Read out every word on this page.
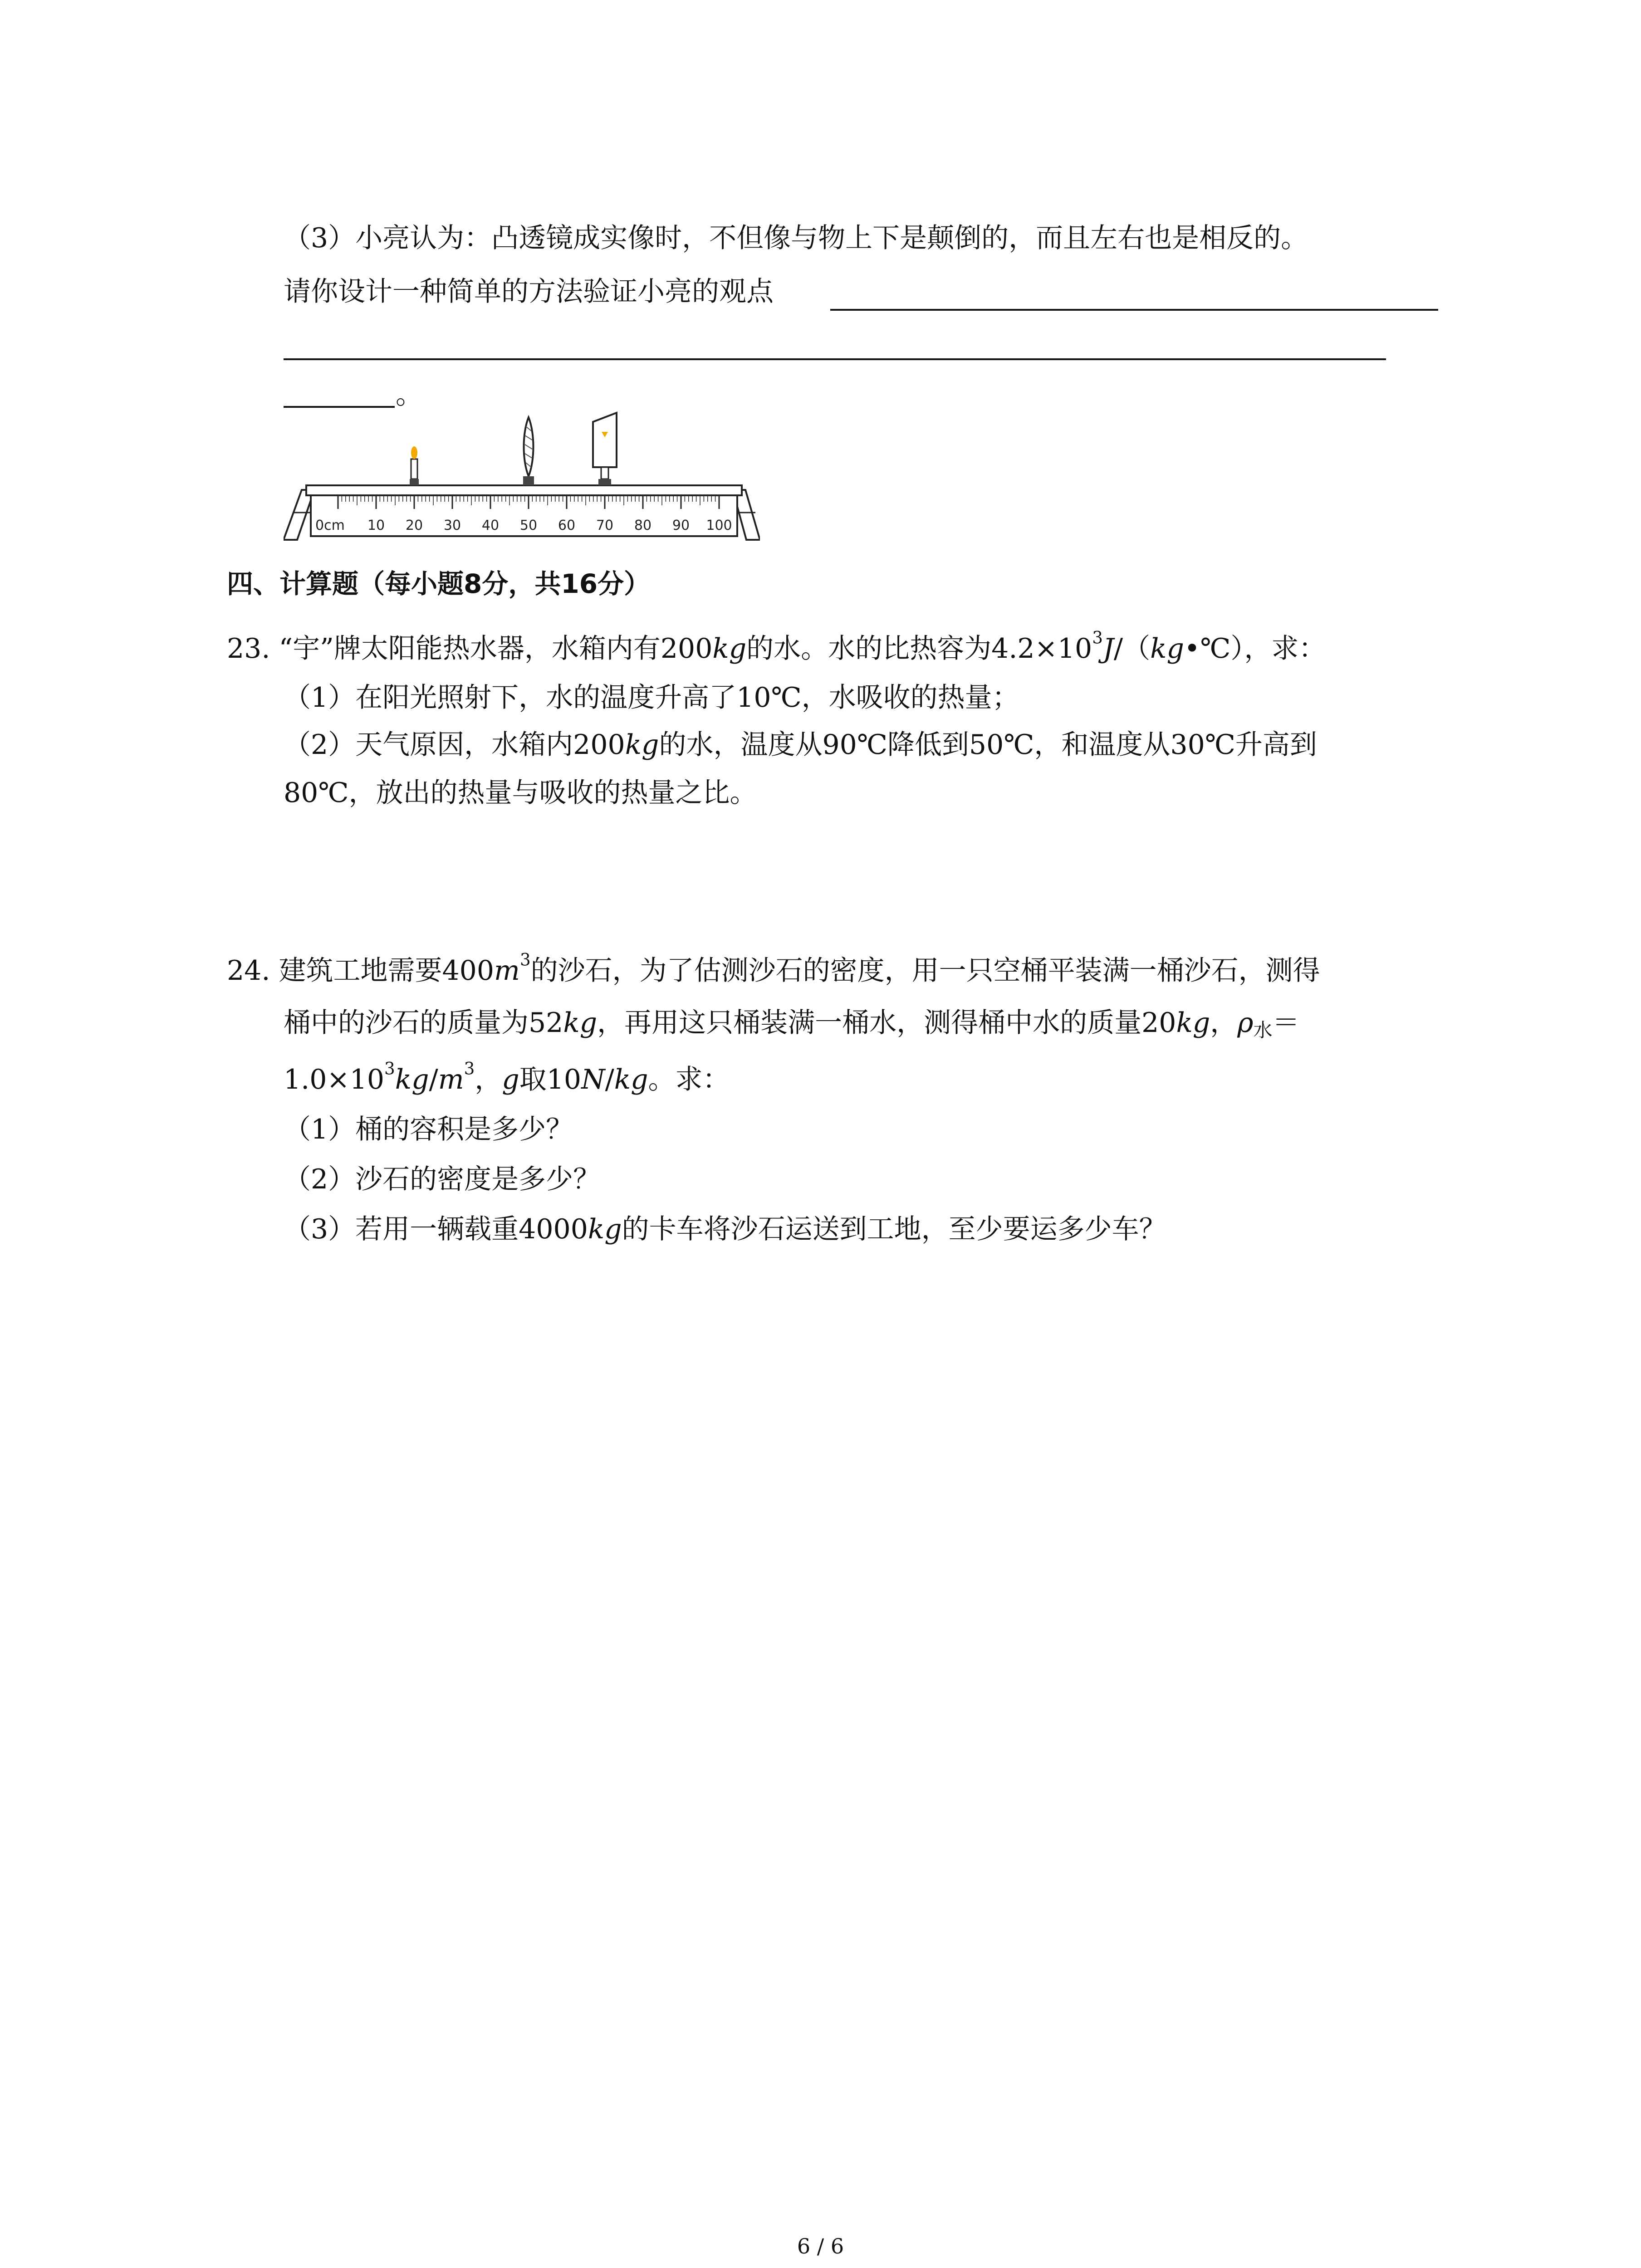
（3）小亮认为：凸透镜成实像时，不但像与物上下是颠倒的，而且左右也是相反的。
请你设计一种简单的方法验证小亮的观点
。
0cm 10 20 30 40 50 60 70 80 90 100
四、计算题（每小题8分，共16分）
23. “宇”牌太阳能热水器，水箱内有200kg的水。水的比热容为$4.2\times 10^3J/(kg•℃)$，求：
（1）在阳光照射下，水的温度升高了10℃，水吸收的热量；
（2）天气原因，水箱内200kg的水，温度从90℃降低到50℃，和温度从30℃升高到
80℃，放出的热量与吸收的热量之比。
24. 建筑工地需要$400m^3$的沙石，为了估测沙石的密度，用一只空桶平装满一桶沙石，测得
桶中的沙石的质量为52kg，再用这只桶装满一桶水，测得桶中水的质量20kg，$\rho_水=$
$1.0\times 10^3kg/m^3$，g取10N/kg。求：
（1）桶的容积是多少？
（2）沙石的密度是多少？
（3）若用一辆载重4000kg的卡车将沙石运送到工地，至少要运多少车？
6 / 6
